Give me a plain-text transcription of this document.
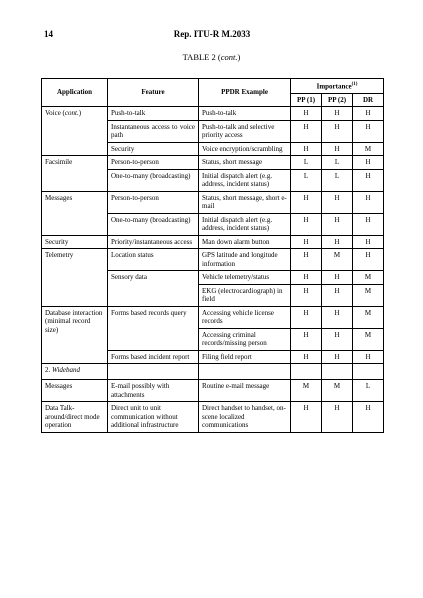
14	Rep. ITU-R M.2033
TABLE 2 (cont.)
Application	Feature	PPDR Example	Importance$^{(1)}$
			PP (1)	PP (2)	DR
Voice (cont.)	Push-to-talk	Push-to-talk	H	H	H
	Instantaneous access to voice path	Push-to-talk and selective priority access	H	H	H
	Security	Voice encryption/scrambling	H	H	M
Facsimile	Person-to-person	Status, short message	L	L	H
	One-to-many (broadcasting)	Initial dispatch alert (e.g. address, incident status)	L	L	H
Messages	Person-to-person	Status, short message, short e-mail	H	H	H
	One-to-many (broadcasting)	Initial dispatch alert (e.g. address, incident status)	H	H	H
Security	Priority/instantaneous access	Man down alarm button	H	H	H
Telemetry	Location status	GPS latitude and longitude information	H	M	H
	Sensory data	Vehicle telemetry/status	H	H	M
		EKG (electrocardiograph) in field	H	H	M
Database interaction (minimal record size)	Forms based records query	Accessing vehicle license records	H	H	M
		Accessing criminal records/missing person	H	H	M
	Forms based incident report	Filing field report	H	H	H
2. Wideband					
Messages	E-mail possibly with attachments	Routine e-mail message	M	M	L
Data Talk-around/direct mode operation	Direct unit to unit communication without additional infrastructure	Direct handset to handset, on-scene localized communications	H	H	H
